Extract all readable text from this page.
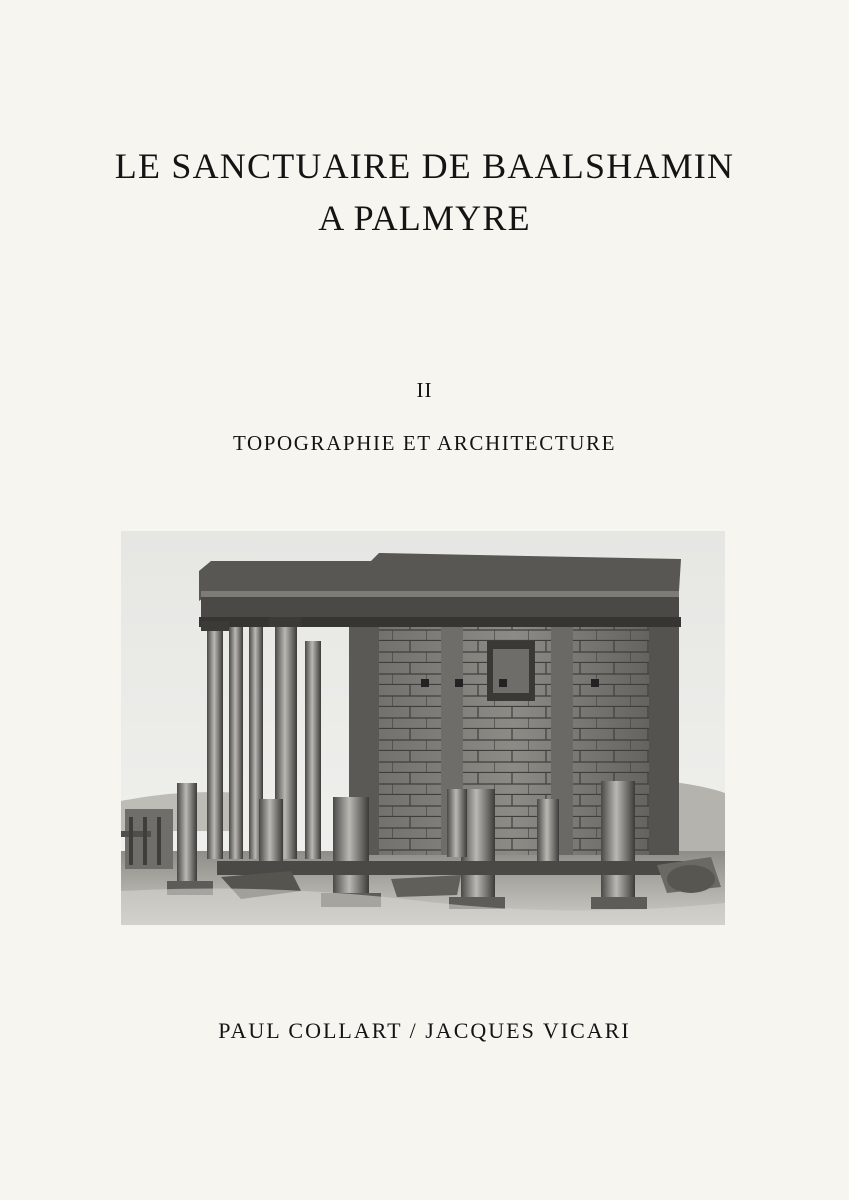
LE SANCTUAIRE DE BAALSHAMIN
A PALMYRE
II
TOPOGRAPHIE ET ARCHITECTURE
PAUL COLLART / JACQUES VICARI
